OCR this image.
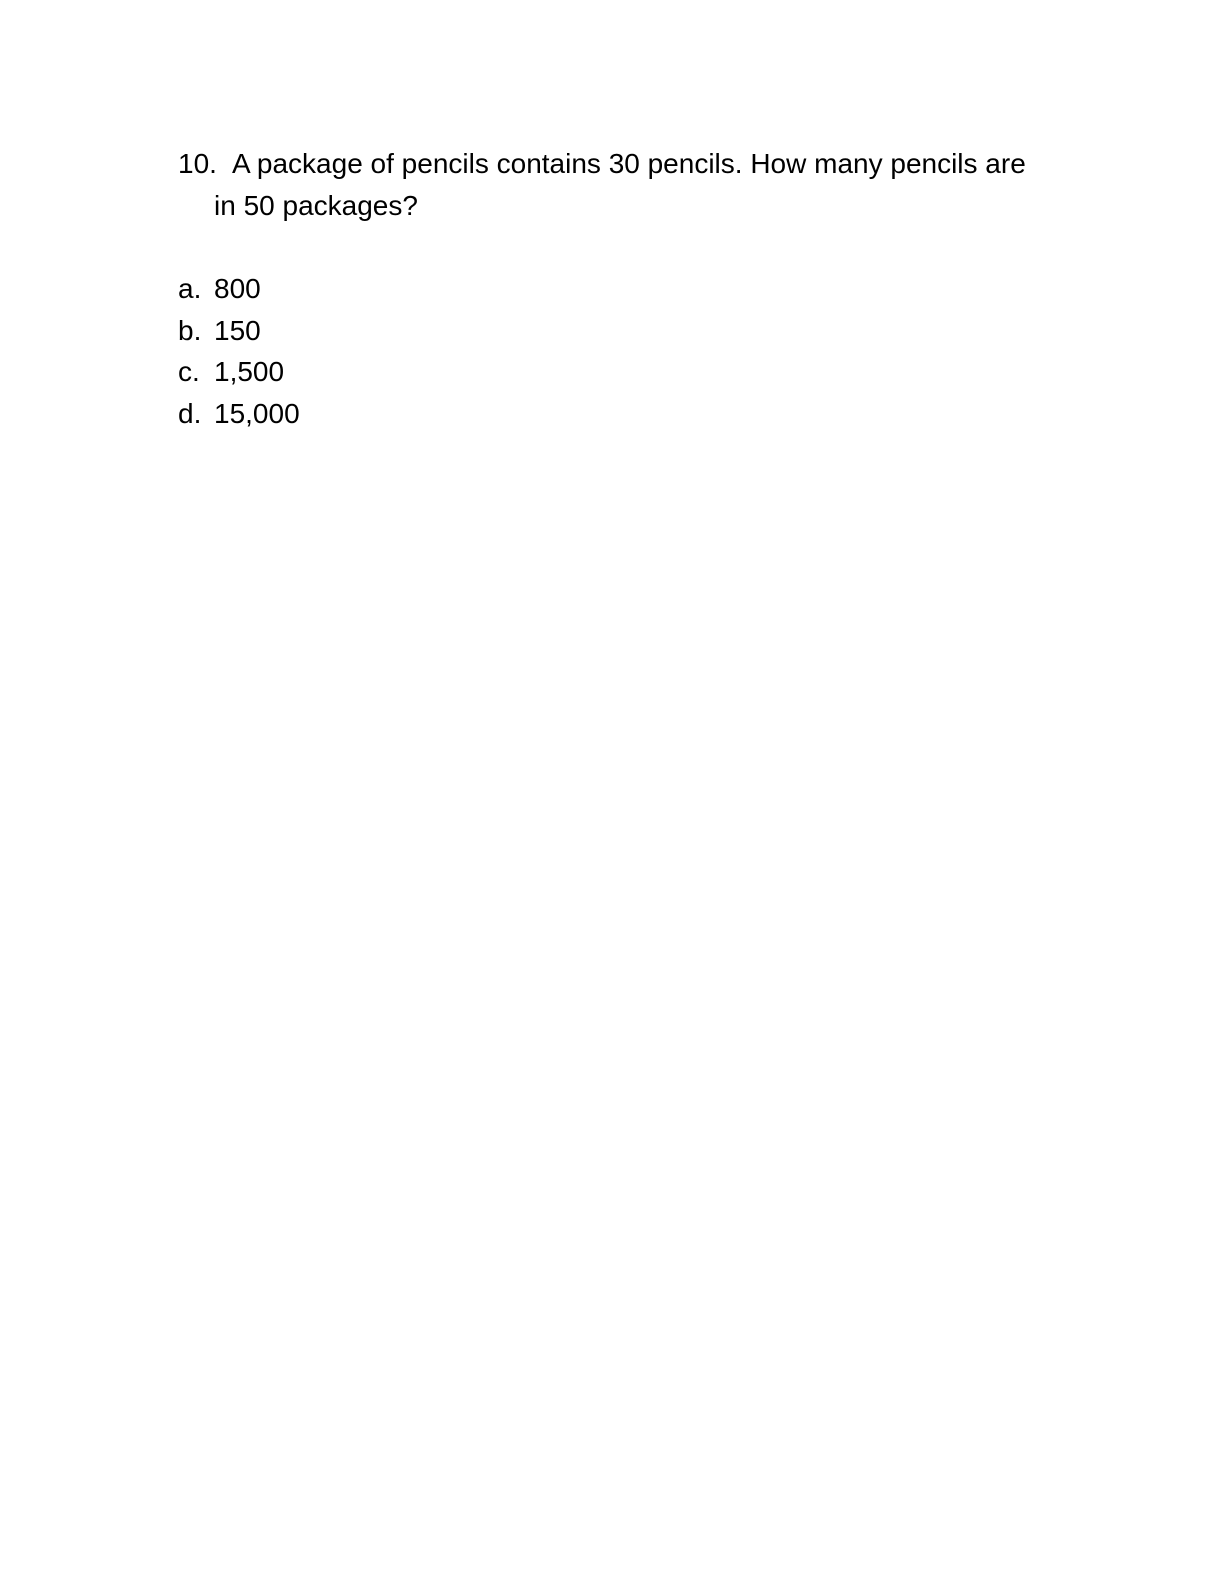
10. A package of pencils contains 30 pencils. How many pencils are
in 50 packages?
a. 800
b. 150
c. 1,500
d. 15,000
